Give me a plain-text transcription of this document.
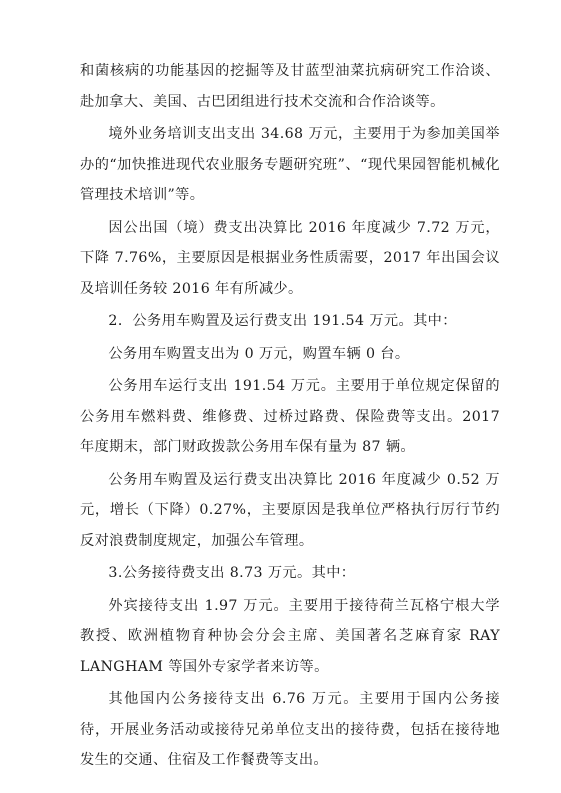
和菌核病的功能基因的挖掘等及甘蓝型油菜抗病研究工作洽谈、赴加拿大、美国、古巴团组进行技术交流和合作洽谈等。

境外业务培训支出支出 34.68 万元，主要用于为参加美国举办的“加快推进现代农业服务专题研究班”、“现代果园智能机械化管理技术培训”等。

因公出国（境）费支出决算比 2016 年度减少 7.72 万元，下降 7.76%，主要原因是根据业务性质需要，2017 年出国会议及培训任务较 2016 年有所减少。

2．公务用车购置及运行费支出 191.54 万元。其中：

公务用车购置支出为 0 万元，购置车辆 0 台。

公务用车运行支出 191.54 万元。主要用于单位规定保留的公务用车燃料费、维修费、过桥过路费、保险费等支出。2017 年度期末，部门财政拨款公务用车保有量为 87 辆。

公务用车购置及运行费支出决算比 2016 年度减少 0.52 万元，增长（下降）0.27%，主要原因是我单位严格执行厉行节约反对浪费制度规定，加强公车管理。

3.公务接待费支出 8.73 万元。其中：

外宾接待支出 1.97 万元。主要用于接待荷兰瓦格宁根大学教授、欧洲植物育种协会分会主席、美国著名芝麻育家 RAY LANGHAM 等国外专家学者来访等。

其他国内公务接待支出 6.76 万元。主要用于国内公务接待，开展业务活动或接待兄弟单位支出的接待费，包括在接待地发生的交通、住宿及工作餐费等支出。
